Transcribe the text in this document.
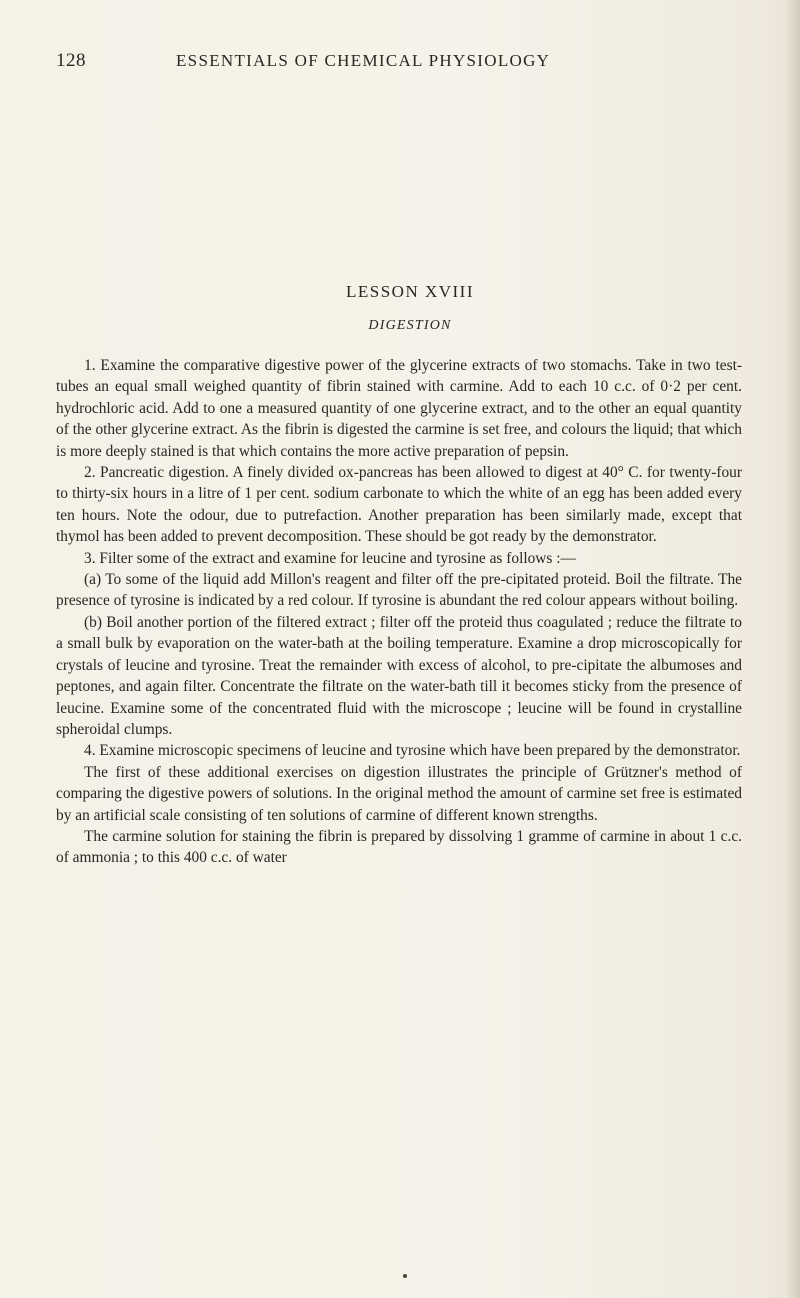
128	ESSENTIALS OF CHEMICAL PHYSIOLOGY
LESSON XVIII
DIGESTION

1. Examine the comparative digestive power of the glycerine extracts of two stomachs. Take in two test-tubes an equal small weighed quantity of fibrin stained with carmine. Add to each 10 c.c. of 0·2 per cent. hydrochloric acid. Add to one a measured quantity of one glycerine extract, and to the other an equal quantity of the other glycerine extract. As the fibrin is digested the carmine is set free, and colours the liquid; that which is more deeply stained is that which contains the more active preparation of pepsin.

2. Pancreatic digestion. A finely divided ox-pancreas has been allowed to digest at 40° C. for twenty-four to thirty-six hours in a litre of 1 per cent. sodium carbonate to which the white of an egg has been added every ten hours. Note the odour, due to putrefaction. Another preparation has been similarly made, except that thymol has been added to prevent decomposition. These should be got ready by the demonstrator.

3. Filter some of the extract and examine for leucine and tyrosine as follows :—

(a) To some of the liquid add Millon's reagent and filter off the pre-cipitated proteid. Boil the filtrate. The presence of tyrosine is indicated by a red colour. If tyrosine is abundant the red colour appears without boiling.

(b) Boil another portion of the filtered extract ; filter off the proteid thus coagulated ; reduce the filtrate to a small bulk by evaporation on the water-bath at the boiling temperature. Examine a drop microscopically for crystals of leucine and tyrosine. Treat the remainder with excess of alcohol, to pre-cipitate the albumoses and peptones, and again filter. Concentrate the filtrate on the water-bath till it becomes sticky from the presence of leucine. Examine some of the concentrated fluid with the microscope ; leucine will be found in crystalline spheroidal clumps.

4. Examine microscopic specimens of leucine and tyrosine which have been prepared by the demonstrator.

The first of these additional exercises on digestion illustrates the principle of Grützner's method of comparing the digestive powers of solutions. In the original method the amount of carmine set free is estimated by an artificial scale consisting of ten solutions of carmine of different known strengths.

The carmine solution for staining the fibrin is prepared by dissolving 1 gramme of carmine in about 1 c.c. of ammonia ; to this 400 c.c. of water
